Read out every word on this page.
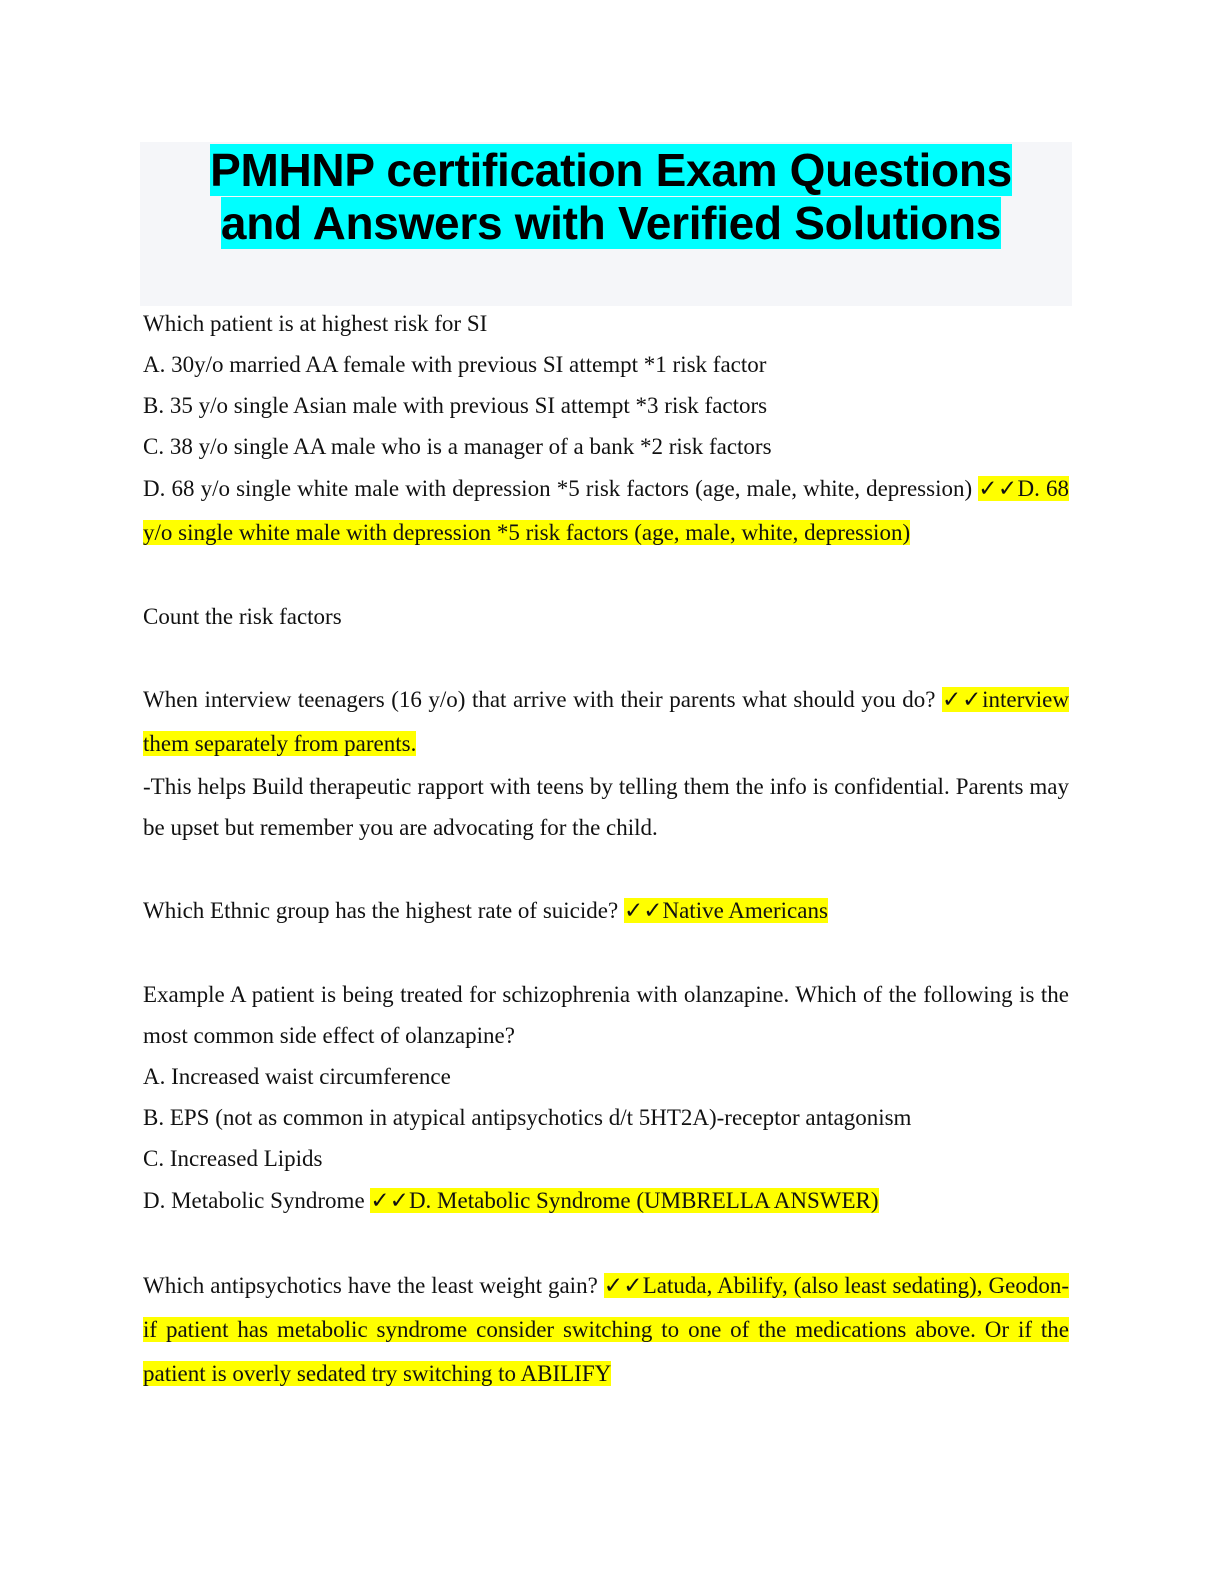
PMHNP certification Exam Questions
and Answers with Verified Solutions
Which patient is at highest risk for SI
A. 30y/o married AA female with previous SI attempt *1 risk factor
B. 35 y/o single Asian male with previous SI attempt *3 risk factors
C. 38 y/o single AA male who is a manager of a bank *2 risk factors
D. 68 y/o single white male with depression *5 risk factors (age, male, white, depression) ✓✓D. 68 y/o single white male with depression *5 risk factors (age, male, white, depression)
Count the risk factors
When interview teenagers (16 y/o) that arrive with their parents what should you do? ✓✓interview them separately from parents.
-This helps Build therapeutic rapport with teens by telling them the info is confidential. Parents may be upset but remember you are advocating for the child.
Which Ethnic group has the highest rate of suicide? ✓✓Native Americans
Example A patient is being treated for schizophrenia with olanzapine. Which of the following is the most common side effect of olanzapine?
A. Increased waist circumference
B. EPS (not as common in atypical antipsychotics d/t 5HT2A)-receptor antagonism
C. Increased Lipids
D. Metabolic Syndrome ✓✓D. Metabolic Syndrome (UMBRELLA ANSWER)
Which antipsychotics have the least weight gain? ✓✓Latuda, Abilify, (also least sedating), Geodon-if patient has metabolic syndrome consider switching to one of the medications above. Or if the patient is overly sedated try switching to ABILIFY
